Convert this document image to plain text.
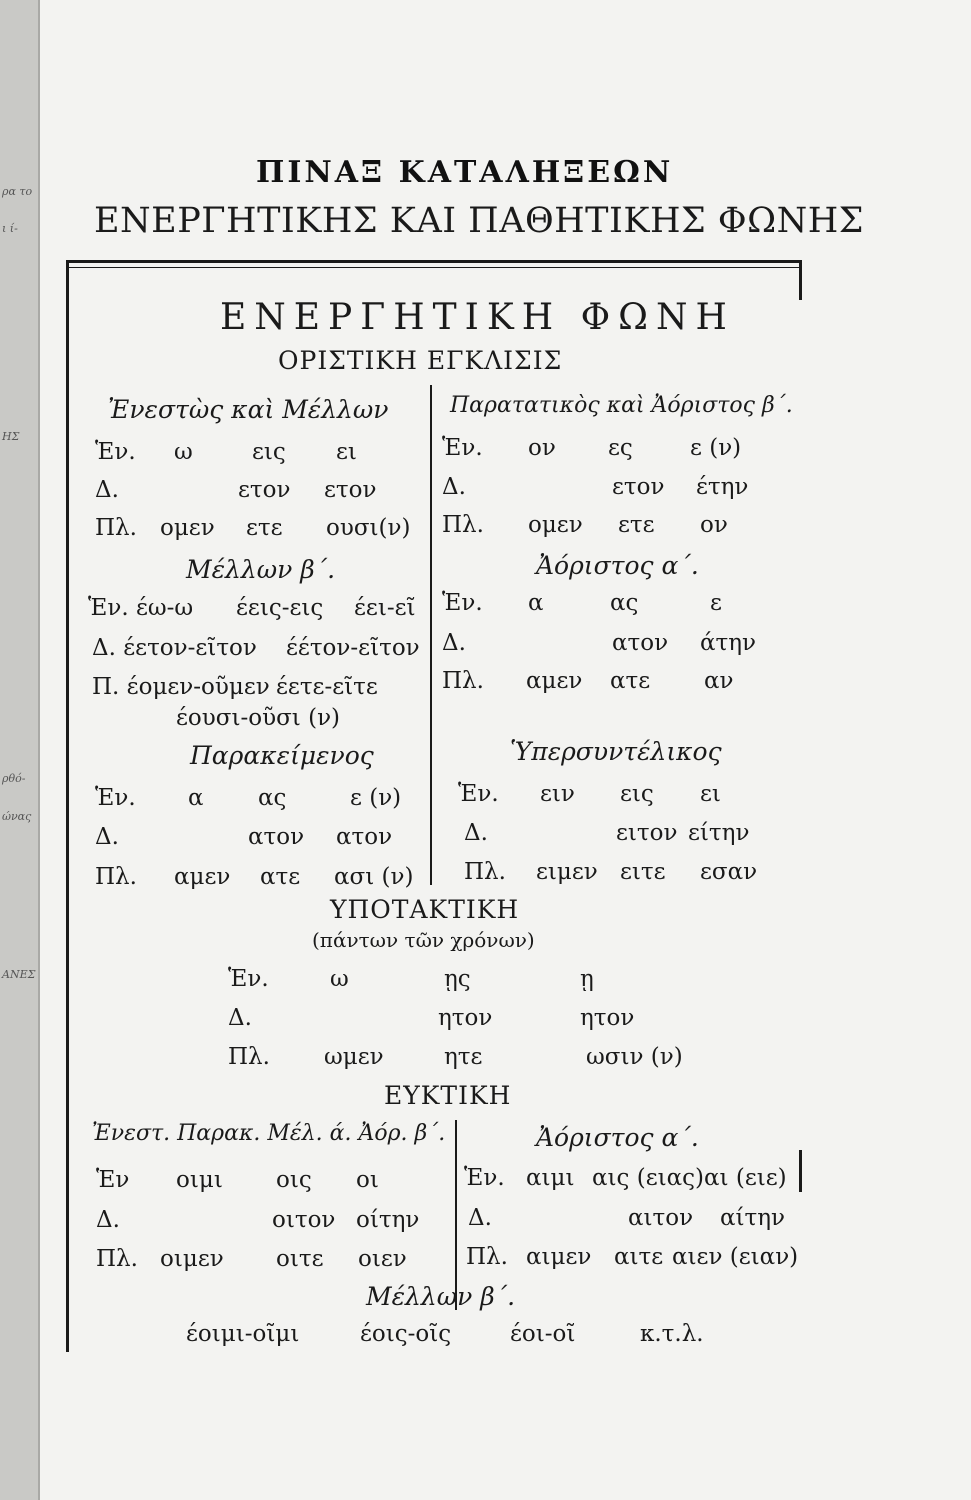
ρα το
ι ί-
ΗΣ
ρθό-
ώνας
ΑΝΕΣ
ΠΙΝΑΞ ΚΑΤΑΛΗΞΕΩΝ
ΕΝΕΡΓΗΤΙΚΗΣ ΚΑΙ ΠΑΘΗΤΙΚΗΣ ΦΩΝΗΣ
ΕΝΕΡΓΗΤΙΚΗ ΦΩΝΗ
ΟΡΙΣΤΙΚΗ ΕΓΚΛΙΣΙΣ
Ἐνεστὼς καὶ Μέλλων
Ἑν. ω	εις ει
Δ.	ετον ετον
Πλ. ομεν ετε ουσι(ν)
Μέλλων β΄.
Ἑν. έω-ω έεις-εις έει-εῖ
Δ. έετον-εῖτον έέτον-εῖτον
Π. έομεν-οῦμεν έετε-εῖτε
έουσι-οῦσι (ν)
Παρακείμενος
Ἑν. α ας	ε (ν)
Δ.	ατον ατον
Πλ. αμεν ατε ασι (ν)
Παρατατικὸς καὶ Ἀόριστος β΄.
Ἑν. ον ες ε (ν)
Δ.	ετον έτην
Πλ. ομεν ετε ον
Ἀόριστος α΄.
Ἑν. α	ας	ε
Δ.	ατον άτην
Πλ. αμεν ατε αν
Ὑπερσυντέλικος
Ἑν. ειν εις ει
Δ.	ειτον είτην
Πλ. ειμεν ειτε εσαν
ΥΠΟΤΑΚΤΙΚΗ
(πάντων τῶν χρόνων)
Ἑν.	ω	ῃς	ῃ
Δ.	ητον	ητον
Πλ. ωμεν	ητε	ωσιν (ν)
ΕΥΚΤΙΚΗ
Ἐνεστ. Παρακ. Μέλ. ά. Ἀόρ. β΄.
Ἑν οιμι οις οι
Δ.	οιτον οίτην
Πλ. οιμεν οιτε οιεν
Ἀόριστος α΄.
Ἑν. αιμι αις (ειας) αι (ειε)
Δ.	αιτον αίτην
Πλ. αιμεν αιτε αιεν (ειαν)
Μέλλων β΄.
έοιμι-οῖμι	έοις-οῖς	έοι-οῖ	κ.τ.λ.
